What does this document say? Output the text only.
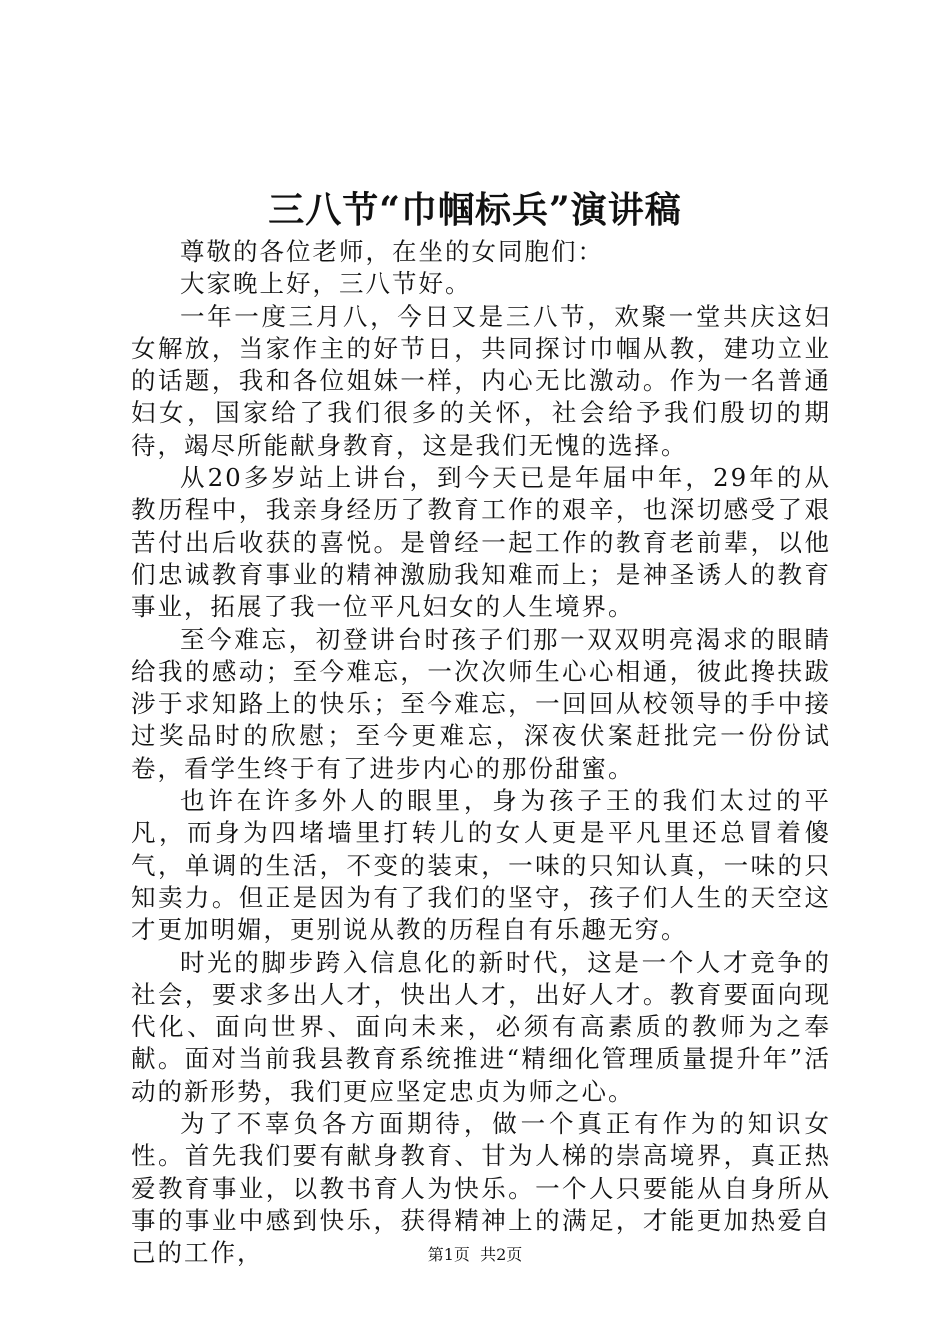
三八节“巾帼标兵”演讲稿

尊敬的各位老师，在坐的女同胞们：

大家晚上好，三八节好。

一年一度三月八，今日又是三八节，欢聚一堂共庆这妇女解放，当家作主的好节日，共同探讨巾帼从教，建功立业的话题，我和各位姐妹一样，内心无比激动。作为一名普通妇女，国家给了我们很多的关怀，社会给予我们殷切的期待，竭尽所能献身教育，这是我们无愧的选择。

从20多岁站上讲台，到今天已是年届中年，29年的从教历程中，我亲身经历了教育工作的艰辛，也深切感受了艰苦付出后收获的喜悦。是曾经一起工作的教育老前辈，以他们忠诚教育事业的精神激励我知难而上；是神圣诱人的教育事业，拓展了我一位平凡妇女的人生境界。

至今难忘，初登讲台时孩子们那一双双明亮渴求的眼睛给我的感动；至今难忘，一次次师生心心相通，彼此搀扶跋涉于求知路上的快乐；至今难忘，一回回从校领导的手中接过奖品时的欣慰；至今更难忘，深夜伏案赶批完一份份试卷，看学生终于有了进步内心的那份甜蜜。

也许在许多外人的眼里，身为孩子王的我们太过的平凡，而身为四堵墙里打转儿的女人更是平凡里还总冒着傻气，单调的生活，不变的装束，一味的只知认真，一味的只知卖力。但正是因为有了我们的坚守，孩子们人生的天空这才更加明媚，更别说从教的历程自有乐趣无穷。

时光的脚步跨入信息化的新时代，这是一个人才竞争的社会，要求多出人才，快出人才，出好人才。教育要面向现代化、面向世界、面向未来，必须有高素质的教师为之奉献。面对当前我县教育系统推进“精细化管理质量提升年”活动的新形势，我们更应坚定忠贞为师之心。

为了不辜负各方面期待，做一个真正有作为的知识女性。首先我们要有献身教育、甘为人梯的崇高境界，真正热爱教育事业，以教书育人为快乐。一个人只要能从自身所从事的事业中感到快乐，获得精神上的满足，才能更加热爱自己的工作，	第1页  共2页
